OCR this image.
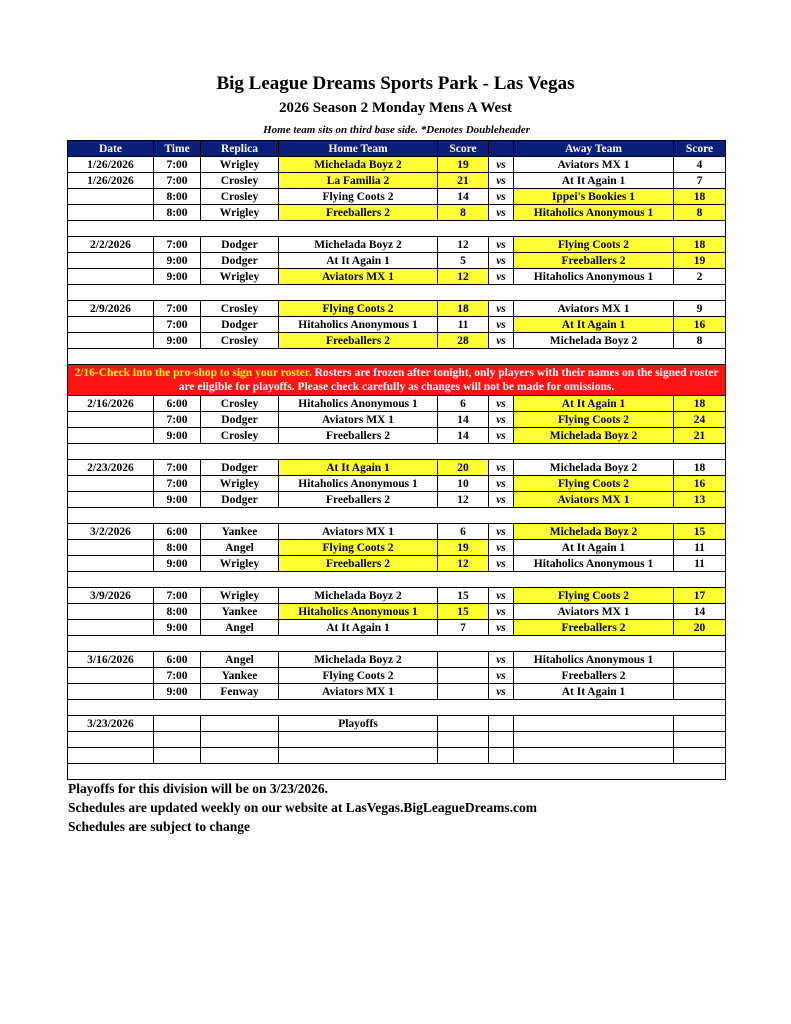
Big League Dreams Sports Park - Las Vegas
2026 Season 2 Monday Mens A West
Home team sits on third base side. *Denotes Doubleheader
Date	Time	Replica	Home Team	Score		Away Team	Score
1/26/2026	7:00	Wrigley	Michelada Boyz 2	19	vs	Aviators MX 1	4
1/26/2026	7:00	Crosley	La Familia 2	21	vs	At It Again 1	7
	8:00	Crosley	Flying Coots 2	14	vs	Ippei's Bookies 1	18
	8:00	Wrigley	Freeballers 2	8	vs	Hitaholics Anonymous 1	8

2/2/2026	7:00	Dodger	Michelada Boyz 2	12	vs	Flying Coots 2	18
	9:00	Dodger	At It Again 1	5	vs	Freeballers 2	19
	9:00	Wrigley	Aviators MX 1	12	vs	Hitaholics Anonymous 1	2

2/9/2026	7:00	Crosley	Flying Coots 2	18	vs	Aviators MX 1	9
	7:00	Dodger	Hitaholics Anonymous 1	11	vs	At It Again 1	16
	9:00	Crosley	Freeballers 2	28	vs	Michelada Boyz 2	8

2/16-Check into the pro-shop to sign your roster. Rosters are frozen after tonight, only players with their names on the signed roster are eligible for playoffs. Please check carefully as changes will not be made for omissions.							
2/16/2026	6:00	Crosley	Hitaholics Anonymous 1	6	vs	At It Again 1	18
	7:00	Dodger	Aviators MX 1	14	vs	Flying Coots 2	24
	9:00	Crosley	Freeballers 2	14	vs	Michelada Boyz 2	21

2/23/2026	7:00	Dodger	At It Again 1	20	vs	Michelada Boyz 2	18
	7:00	Wrigley	Hitaholics Anonymous 1	10	vs	Flying Coots 2	16
	9:00	Dodger	Freeballers 2	12	vs	Aviators MX 1	13

3/2/2026	6:00	Yankee	Aviators MX 1	6	vs	Michelada Boyz 2	15
	8:00	Angel	Flying Coots 2	19	vs	At It Again 1	11
	9:00	Wrigley	Freeballers 2	12	vs	Hitaholics Anonymous 1	11

3/9/2026	7:00	Wrigley	Michelada Boyz 2	15	vs	Flying Coots 2	17
	8:00	Yankee	Hitaholics Anonymous 1	15	vs	Aviators MX 1	14
	9:00	Angel	At It Again 1	7	vs	Freeballers 2	20

3/16/2026	6:00	Angel	Michelada Boyz 2		vs	Hitaholics Anonymous 1	
	7:00	Yankee	Flying Coots 2		vs	Freeballers 2	
	9:00	Fenway	Aviators MX 1		vs	At It Again 1	

3/23/2026			Playoffs				

Playoffs for this division will be on 3/23/2026.
Schedules are updated weekly on our website at LasVegas.BigLeagueDreams.com
Schedules are subject to change
